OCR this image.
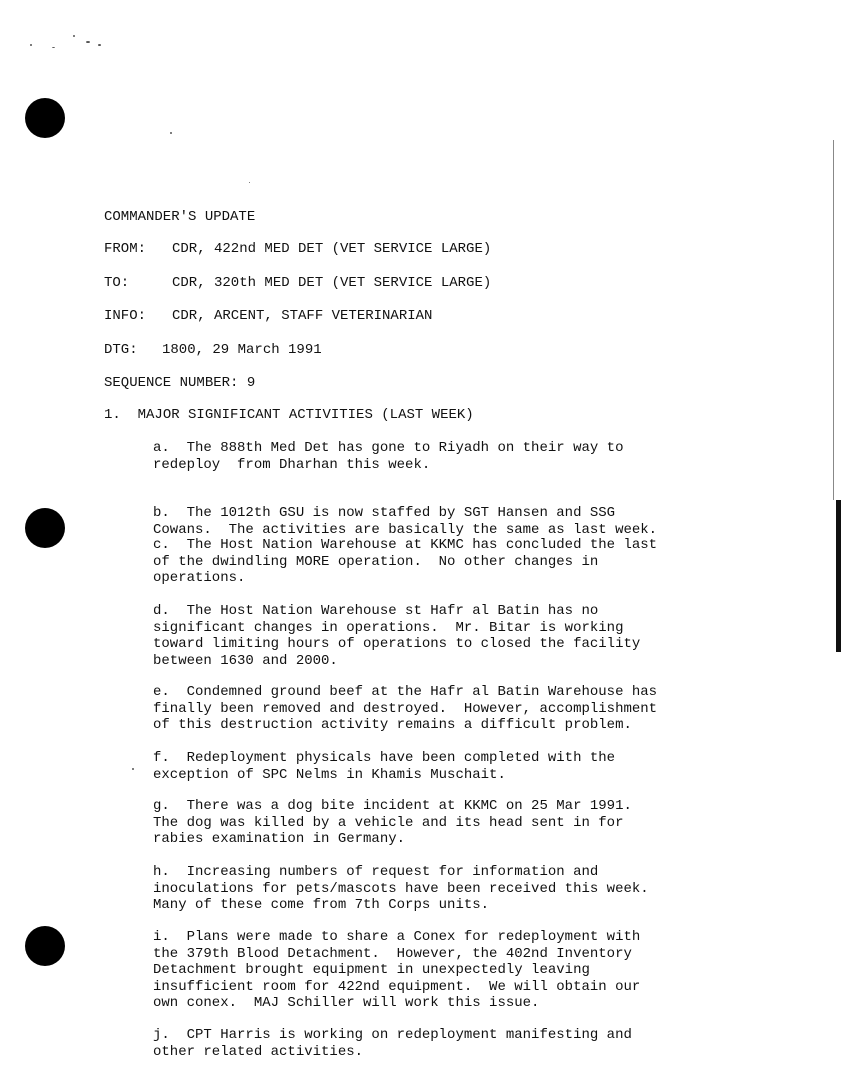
COMMANDER'S UPDATE
FROM: CDR, 422nd MED DET (VET SERVICE LARGE)
TO:	CDR, 320th MED DET (VET SERVICE LARGE)
INFO: CDR, ARCENT, STAFF VETERINARIAN
DTG: 1800, 29 March 1991
SEQUENCE NUMBER: 9
1. MAJOR SIGNIFICANT ACTIVITIES (LAST WEEK)
a.  The 888th Med Det has gone to Riyadh on their way to
redeploy  from Dharhan this week.
b.  The 1012th GSU is now staffed by SGT Hansen and SSG
Cowans.  The activities are basically the same as last week.
c.  The Host Nation Warehouse at KKMC has concluded the last
of the dwindling MORE operation.  No other changes in
operations.
d.  The Host Nation Warehouse st Hafr al Batin has no
significant changes in operations.  Mr. Bitar is working
toward limiting hours of operations to closed the facility
between 1630 and 2000.
e.  Condemned ground beef at the Hafr al Batin Warehouse has
finally been removed and destroyed.  However, accomplishment
of this destruction activity remains a difficult problem.
f.  Redeployment physicals have been completed with the
exception of SPC Nelms in Khamis Muschait.
g.  There was a dog bite incident at KKMC on 25 Mar 1991.
The dog was killed by a vehicle and its head sent in for
rabies examination in Germany.
h.  Increasing numbers of request for information and
inoculations for pets/mascots have been received this week.
Many of these come from 7th Corps units.
i.  Plans were made to share a Conex for redeployment with
the 379th Blood Detachment.  However, the 402nd Inventory
Detachment brought equipment in unexpectedly leaving
insufficient room for 422nd equipment.  We will obtain our
own conex.  MAJ Schiller will work this issue.
j.  CPT Harris is working on redeployment manifesting and
other related activities.
